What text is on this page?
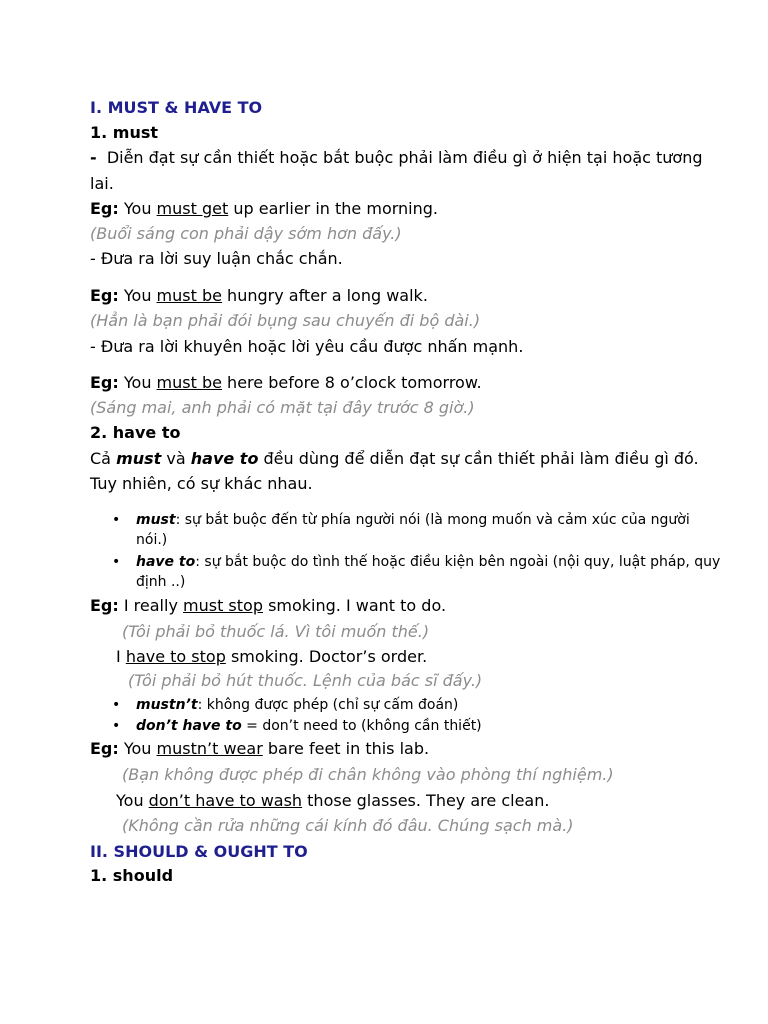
I. MUST & HAVE TO
1. must
- Diễn đạt sự cần thiết hoặc bắt buộc phải làm điều gì ở hiện tại hoặc tương
lai.
Eg: You must get up earlier in the morning.
(Buổi sáng con phải dậy sớm hơn đấy.)
- Đưa ra lời suy luận chắc chắn.
Eg: You must be hungry after a long walk.
(Hẳn là bạn phải đói bụng sau chuyến đi bộ dài.)
- Đưa ra lời khuyên hoặc lời yêu cầu được nhấn mạnh.
Eg: You must be here before 8 o’clock tomorrow.
(Sáng mai, anh phải có mặt tại đây trước 8 giờ.)
2. have to
Cả must và have to đều dùng để diễn đạt sự cần thiết phải làm điều gì đó.
Tuy nhiên, có sự khác nhau.
• must: sự bắt buộc đến từ phía người nói (là mong muốn và cảm xúc của người
nói.)
• have to: sự bắt buộc do tình thế hoặc điều kiện bên ngoài (nội quy, luật pháp, quy
định ..)
Eg: I really must stop smoking. I want to do.
(Tôi phải bỏ thuốc lá. Vì tôi muốn thế.)
I have to stop smoking. Doctor’s order.
(Tôi phải bỏ hút thuốc. Lệnh của bác sĩ đấy.)
• mustn’t: không được phép (chỉ sự cấm đoán)
• don’t have to = don’t need to (không cần thiết)
Eg: You mustn’t wear bare feet in this lab.
(Bạn không được phép đi chân không vào phòng thí nghiệm.)
You don’t have to wash those glasses. They are clean.
(Không cần rửa những cái kính đó đâu. Chúng sạch mà.)
II. SHOULD & OUGHT TO
1. should
